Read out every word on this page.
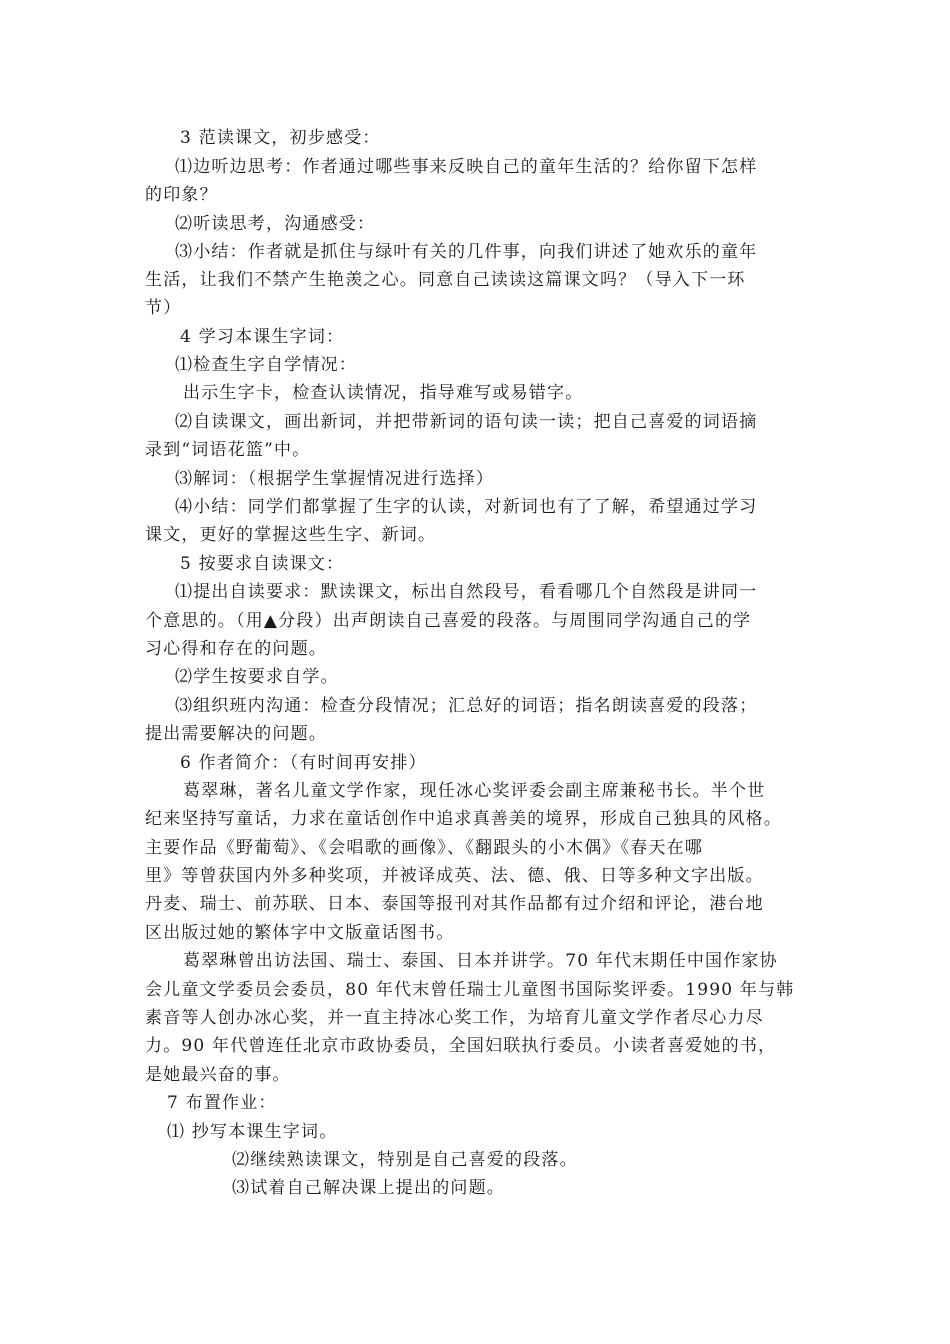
3 范读课文，初步感受：
⑴边听边思考：作者通过哪些事来反映自己的童年生活的？给你留下怎样
的印象？
⑵听读思考，沟通感受：
⑶小结：作者就是抓住与绿叶有关的几件事，向我们讲述了她欢乐的童年
生活，让我们不禁产生艳羡之心。同意自己读读这篇课文吗？（导入下一环
节）
4 学习本课生字词：
⑴检查生字自学情况：
出示生字卡，检查认读情况，指导难写或易错字。
⑵自读课文，画出新词，并把带新词的语句读一读；把自己喜爱的词语摘
录到“词语花篮”中。
⑶解词：（根据学生掌握情况进行选择）
⑷小结：同学们都掌握了生字的认读，对新词也有了了解，希望通过学习
课文，更好的掌握这些生字、新词。
5 按要求自读课文：
⑴提出自读要求：默读课文，标出自然段号，看看哪几个自然段是讲同一
个意思的。（用▲分段）出声朗读自己喜爱的段落。与周围同学沟通自己的学
习心得和存在的问题。
⑵学生按要求自学。
⑶组织班内沟通：检查分段情况；汇总好的词语；指名朗读喜爱的段落；
提出需要解决的问题。
6 作者简介：（有时间再安排）
葛翠琳，著名儿童文学作家，现任冰心奖评委会副主席兼秘书长。半个世
纪来坚持写童话，力求在童话创作中追求真善美的境界，形成自己独具的风格。
主要作品《野葡萄》、《会唱歌的画像》、《翻跟头的小木偶》《春天在哪
里》等曾获国内外多种奖项，并被译成英、法、德、俄、日等多种文字出版。
丹麦、瑞士、前苏联、日本、泰国等报刊对其作品都有过介绍和评论，港台地
区出版过她的繁体字中文版童话图书。
葛翠琳曾出访法国、瑞士、泰国、日本并讲学。70 年代末期任中国作家协
会儿童文学委员会委员，80 年代末曾任瑞士儿童图书国际奖评委。1990 年与韩
素音等人创办冰心奖，并一直主持冰心奖工作，为培育儿童文学作者尽心力尽
力。90 年代曾连任北京市政协委员，全国妇联执行委员。小读者喜爱她的书，
是她最兴奋的事。
7 布置作业：
⑴ 抄写本课生字词。
⑵继续熟读课文，特别是自己喜爱的段落。
⑶试着自己解决课上提出的问题。
